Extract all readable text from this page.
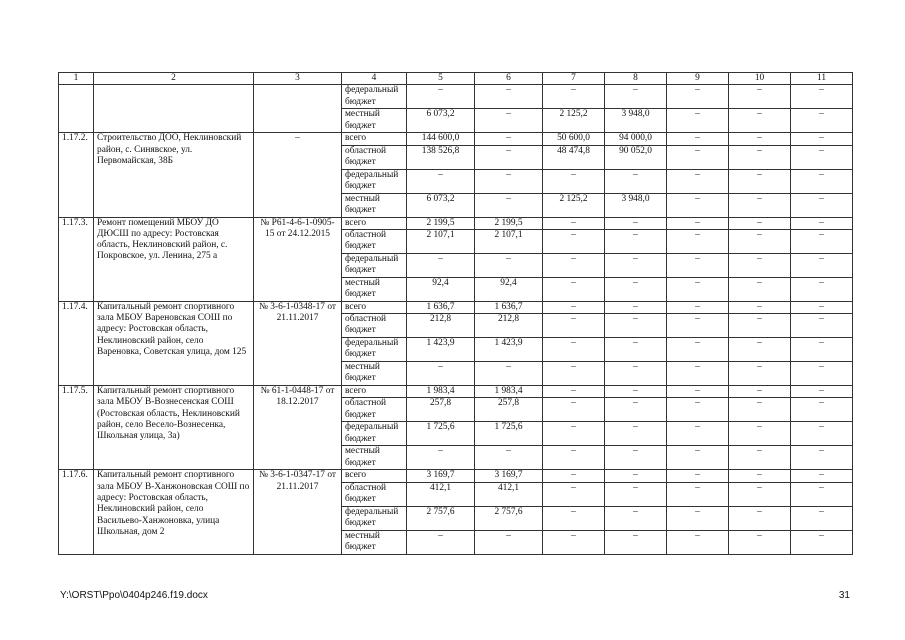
1	2	3	4	5	6	7	8	9	10	11
			федеральный бюджет	–	–	–	–	–	–	–
			местный бюджет	6 073,2	–	2 125,2	3 948,0	–	–	–
1.17.2.	Строительство ДОО, Неклиновский район, с. Синявское, ул. Первомайская, 38Б	–	всего	144 600,0	–	50 600,0	94 000,0	–	–	–
			областной бюджет	138 526,8	–	48 474,8	90 052,0	–	–	–
			федеральный бюджет	–	–	–	–	–	–	–
			местный бюджет	6 073,2	–	2 125,2	3 948,0	–	–	–
1.17.3.	Ремонт помещений МБОУ ДО ДЮСШ по адресу: Ростовская область, Неклиновский район, с. Покровское, ул. Ленина, 275 а	№ Р61-4-6-1-0905-15 от 24.12.2015	всего	2 199,5	2 199,5	–	–	–	–	–
			областной бюджет	2 107,1	2 107,1	–	–	–	–	–
			федеральный бюджет	–	–	–	–	–	–	–
			местный бюджет	92,4	92,4	–	–	–	–	–
1.17.4.	Капитальный ремонт спортивного зала МБОУ Вареновская СОШ по адресу: Ростовская область, Неклиновский район, село Вареновка, Советская улица, дом 125	№ 3-6-1-0348-17 от 21.11.2017	всего	1 636,7	1 636,7	–	–	–	–	–
			областной бюджет	212,8	212,8	–	–	–	–	–
			федеральный бюджет	1 423,9	1 423,9	–	–	–	–	–
			местный бюджет	–	–	–	–	–	–	–
1.17.5.	Капитальный ремонт спортивного зала МБОУ В-Вознесенская СОШ (Ростовская область, Неклиновский район, село Весело-Вознесенка, Школьная улица, 3а)	№ 61-1-0448-17 от 18.12.2017	всего	1 983,4	1 983,4	–	–	–	–	–
			областной бюджет	257,8	257,8	–	–	–	–	–
			федеральный бюджет	1 725,6	1 725,6	–	–	–	–	–
			местный бюджет	–	–	–	–	–	–	–
1.17.6.	Капитальный ремонт спортивного зала МБОУ В-Ханжоновская СОШ по адресу: Ростовская область, Неклиновский район, село Васильево-Ханжоновка, улица Школьная, дом 2	№ 3-6-1-0347-17 от 21.11.2017	всего	3 169,7	3 169,7	–	–	–	–	–
			областной бюджет	412,1	412,1	–	–	–	–	–
			федеральный бюджет	2 757,6	2 757,6	–	–	–	–	–
			местный бюджет	–	–	–	–	–	–	–
Y:\ORST\Ppo\0404p246.f19.docx	31
